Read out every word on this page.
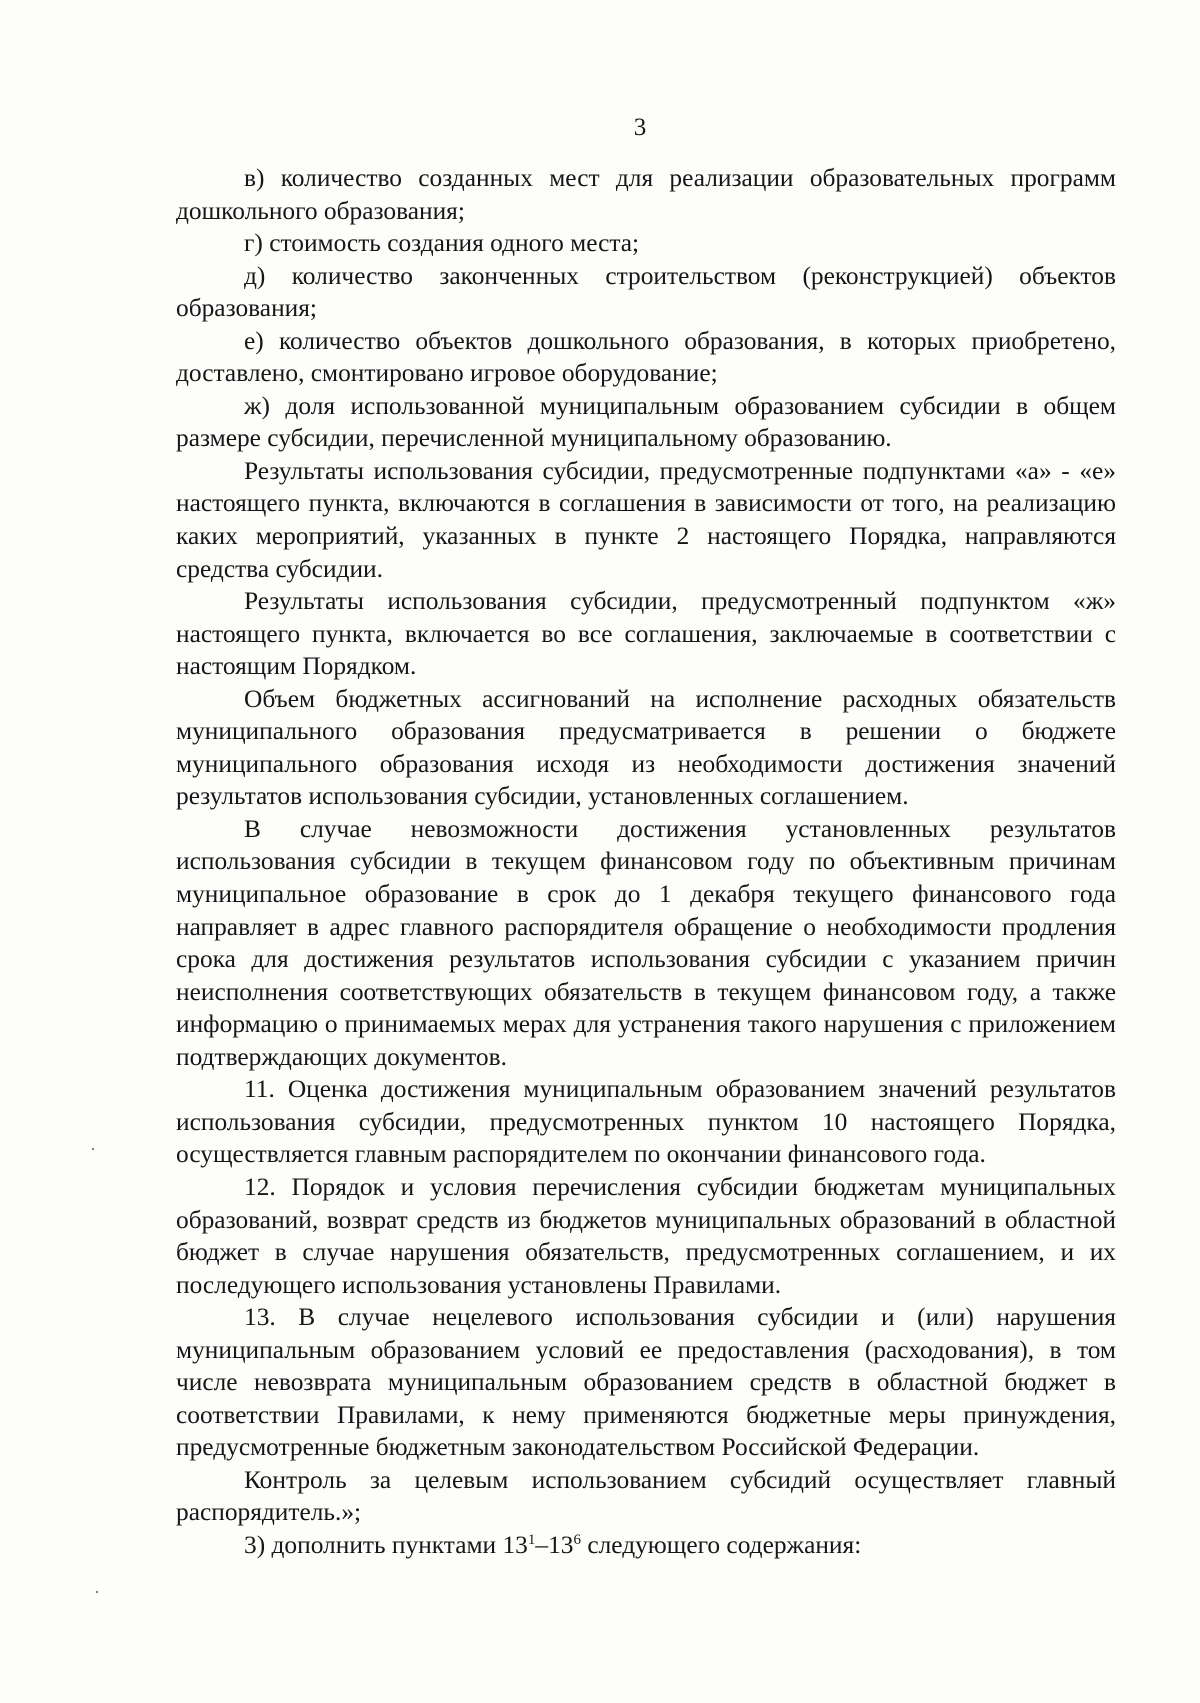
3

в) количество созданных мест для реализации образовательных программ дошкольного образования;

г) стоимость создания одного места;

д) количество законченных строительством (реконструкцией) объектов образования;

е) количество объектов дошкольного образования, в которых приобретено, доставлено, смонтировано игровое оборудование;

ж) доля использованной муниципальным образованием субсидии в общем размере субсидии, перечисленной муниципальному образованию.

Результаты использования субсидии, предусмотренные подпунктами «а» - «е» настоящего пункта, включаются в соглашения в зависимости от того, на реализацию каких мероприятий, указанных в пункте 2 настоящего Порядка, направляются средства субсидии.

Результаты использования субсидии, предусмотренный подпунктом «ж» настоящего пункта, включается во все соглашения, заключаемые в соответствии с настоящим Порядком.

Объем бюджетных ассигнований на исполнение расходных обязательств муниципального образования предусматривается в решении о бюджете муниципального образования исходя из необходимости достижения значений результатов использования субсидии, установленных соглашением.

В случае невозможности достижения установленных результатов использования субсидии в текущем финансовом году по объективным причинам муниципальное образование в срок до 1 декабря текущего финансового года направляет в адрес главного распорядителя обращение о необходимости продления срока для достижения результатов использования субсидии с указанием причин неисполнения соответствующих обязательств в текущем финансовом году, а также информацию о принимаемых мерах для устранения такого нарушения с приложением подтверждающих документов.

11. Оценка достижения муниципальным образованием значений результатов использования субсидии, предусмотренных пунктом 10 настоящего Порядка, осуществляется главным распорядителем по окончании финансового года.

12. Порядок и условия перечисления субсидии бюджетам муниципальных образований, возврат средств из бюджетов муниципальных образований в областной бюджет в случае нарушения обязательств, предусмотренных соглашением, и их последующего использования установлены Правилами.

13. В случае нецелевого использования субсидии и (или) нарушения муниципальным образованием условий ее предоставления (расходования), в том числе невозврата муниципальным образованием средств в областной бюджет в соответствии Правилами, к нему применяются бюджетные меры принуждения, предусмотренные бюджетным законодательством Российской Федерации.

Контроль за целевым использованием субсидий осуществляет главный распорядитель.»;

3) дополнить пунктами $13^1-13^6$ следующего содержания:
